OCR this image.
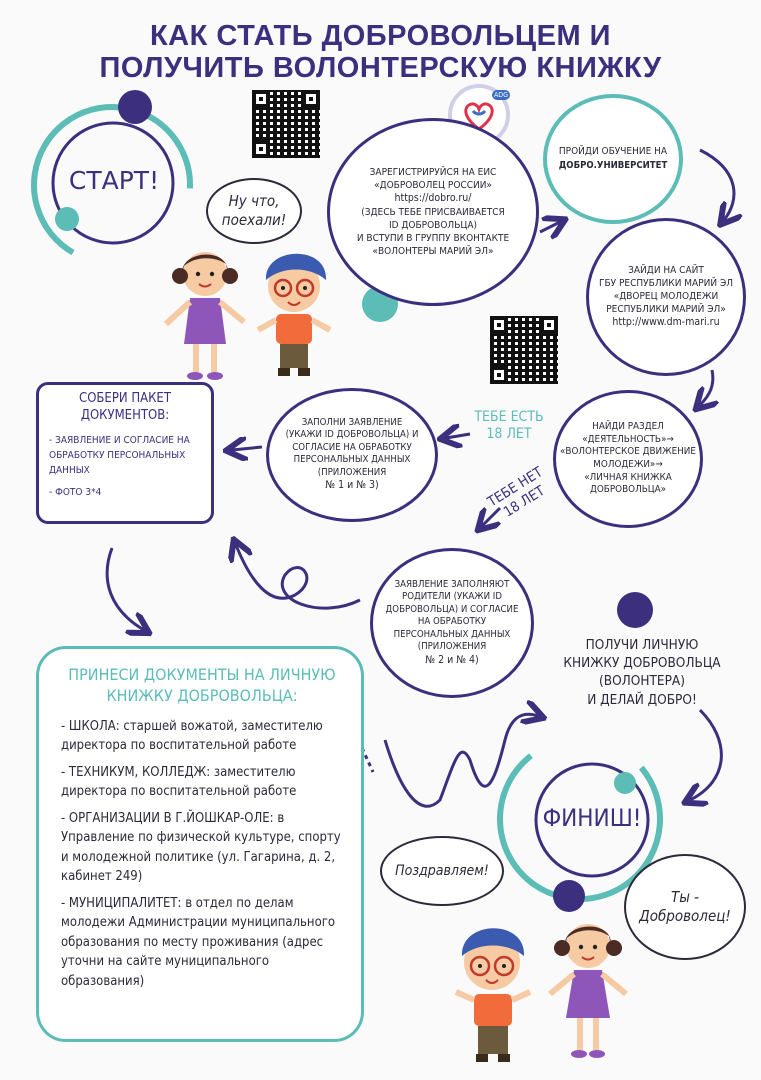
КАК СТАТЬ ДОБРОВОЛЬЦЕМ И
ПОЛУЧИТЬ ВОЛОНТЕРСКУЮ КНИЖКУ
СТАРТ!
ФИНИШ!
ADG
ЗАРЕГИСТРИРУЙСЯ НА ЕИС
«ДОБРОВОЛЕЦ РОССИИ»
https://dobro.ru/
(ЗДЕСЬ ТЕБЕ ПРИСВАИВАЕТСЯ
ID ДОБРОВОЛЬЦА)
И ВСТУПИ В ГРУППУ ВКОНТАКТЕ
«ВОЛОНТЕРЫ МАРИЙ ЭЛ»
ПРОЙДИ ОБУЧЕНИЕ НА
ДОБРО.УНИВЕРСИТЕТ
ЗАЙДИ НА САЙТ
ГБУ РЕСПУБЛИКИ МАРИЙ ЭЛ
«ДВОРЕЦ МОЛОДЕЖИ
РЕСПУБЛИКИ МАРИЙ ЭЛ»
http://www.dm-mari.ru
НАЙДИ РАЗДЕЛ
«ДЕЯТЕЛЬНОСТЬ»→
«ВОЛОНТЕРСКОЕ ДВИЖЕНИЕ
МОЛОДЕЖИ»→
«ЛИЧНАЯ КНИЖКА
ДОБРОВОЛЬЦА»
ТЕБЕ ЕСТЬ 18 ЛЕТ
ТЕБЕ НЕТ 18 ЛЕТ
ЗАПОЛНИ ЗАЯВЛЕНИЕ
(УКАЖИ ID ДОБРОВОЛЬЦА) И
СОГЛАСИЕ НА ОБРАБОТКУ
ПЕРСОНАЛЬНЫХ ДАННЫХ
(ПРИЛОЖЕНИЯ
№ 1 и № 3)
ЗАЯВЛЕНИЕ ЗАПОЛНЯЮТ
РОДИТЕЛИ (УКАЖИ ID
ДОБРОВОЛЬЦА) И СОГЛАСИЕ
НА ОБРАБОТКУ
ПЕРСОНАЛЬНЫХ ДАННЫХ
(ПРИЛОЖЕНИЯ
№ 2 и № 4)
СОБЕРИ ПАКЕТ ДОКУМЕНТОВ:
- ЗАЯВЛЕНИЕ И СОГЛАСИЕ НА ОБРАБОТКУ ПЕРСОНАЛЬНЫХ ДАННЫХ
- ФОТО 3*4
ПРИНЕСИ ДОКУМЕНТЫ НА ЛИЧНУЮ КНИЖКУ ДОБРОВОЛЬЦА:
- ШКОЛА: старшей вожатой, заместителю директора по воспитательной работе
- ТЕХНИКУМ, КОЛЛЕДЖ: заместителю директора по воспитательной работе
- ОРГАНИЗАЦИИ В Г.ЙОШКАР-ОЛЕ: в Управление по физической культуре, спорту и молодежной политике (ул. Гагарина, д. 2, кабинет 249)
- МУНИЦИПАЛИТЕТ: в отдел по делам молодежи Администрации муниципального образования по месту проживания (адрес уточни на сайте муниципального образования)
ПОЛУЧИ ЛИЧНУЮ
КНИЖКУ ДОБРОВОЛЬЦА
(ВОЛОНТЕРА)
И ДЕЛАЙ ДОБРО!
Ну что, поехали!
Поздравляем!
Ты - Доброволец!
